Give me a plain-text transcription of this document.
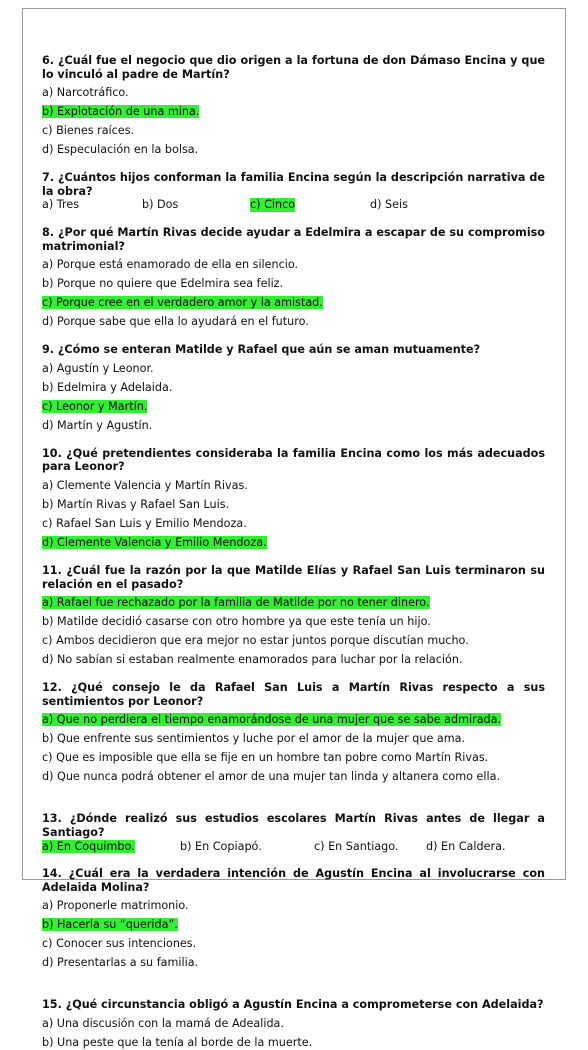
6. ¿Cuál fue el negocio que dio origen a la fortuna de don Dámaso Encina y que lo vinculó al padre de Martín?
a) Narcotráfico.
b) Explotación de una mina.
c) Bienes raíces.
d) Especulación en la bolsa.
7. ¿Cuántos hijos conforman la familia Encina según la descripción narrativa de la obra?
a) Tres	b) Dos	c) Cinco	d) Seis
8. ¿Por qué Martín Rivas decide ayudar a Edelmira a escapar de su compromiso matrimonial?
a) Porque está enamorado de ella en silencio.
b) Porque no quiere que Edelmira sea feliz.
c) Porque cree en el verdadero amor y la amistad.
d) Porque sabe que ella lo ayudará en el futuro.
9. ¿Cómo se enteran Matilde y Rafael que aún se aman mutuamente?
a) Agustín y Leonor.
b) Edelmira y Adelaida.
c) Leonor y Martín.
d) Martín y Agustín.
10. ¿Qué pretendientes consideraba la familia Encina como los más adecuados para Leonor?
a) Clemente Valencia y Martín Rivas.
b) Martín Rivas y Rafael San Luis.
c) Rafael San Luis y Emilio Mendoza.
d) Clemente Valencia y Emilio Mendoza.
11. ¿Cuál fue la razón por la que Matilde Elías y Rafael San Luis terminaron su relación en el pasado?
a) Rafael fue rechazado por la familia de Matilde por no tener dinero.
b) Matilde decidió casarse con otro hombre ya que este tenía un hijo.
c) Ambos decidieron que era mejor no estar juntos porque discutían mucho.
d) No sabían si estaban realmente enamorados para luchar por la relación.
12. ¿Qué consejo le da Rafael San Luis a Martín Rivas respecto a sus sentimientos por Leonor?
a) Que no perdiera el tiempo enamorándose de una mujer que se sabe admirada.
b) Que enfrente sus sentimientos y luche por el amor de la mujer que ama.
c) Que es imposible que ella se fije en un hombre tan pobre como Martín Rivas.
d) Que nunca podrá obtener el amor de una mujer tan linda y altanera como ella.
13. ¿Dónde realizó sus estudios escolares Martín Rivas antes de llegar a Santiago?
a) En Coquimbo.	b) En Copiapó.	c) En Santiago.	d) En Caldera.
14. ¿Cuál era la verdadera intención de Agustín Encina al involucrarse con Adelaida Molina?
a) Proponerle matrimonio.
b) Hacerla su “querida”.
c) Conocer sus intenciones.
d) Presentarlas a su familia.
15. ¿Qué circunstancia obligó a Agustín Encina a comprometerse con Adelaida?
a) Una discusión con la mamá de Adealida.
b) Una peste que la tenía al borde de la muerte.
